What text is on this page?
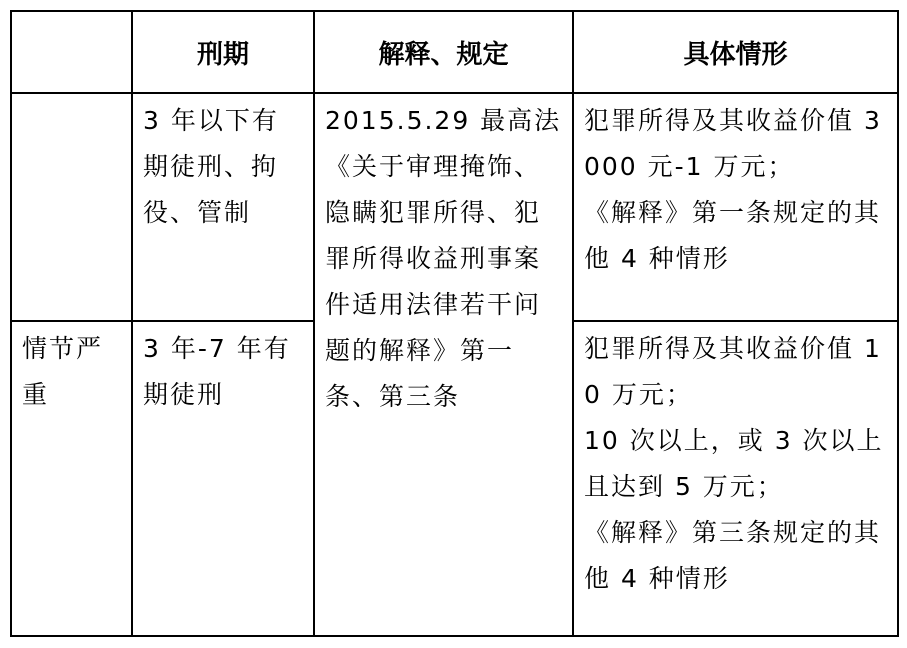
	刑期	解释、规定	具体情形

	3 年以下有期徒刑、拘役、管制	2015.5.29 最高法《关于审理掩饰、隐瞒犯罪所得、犯罪所得收益刑事案件适用法律若干问题的解释》第一条、第三条	犯罪所得及其收益价值 3000 元-1 万元；
《解释》第一条规定的其他 4 种情形

情节严重	3 年-7 年有期徒刑		犯罪所得及其收益价值 10 万元；
10 次以上，或 3 次以上且达到 5 万元；
《解释》第三条规定的其他 4 种情形
